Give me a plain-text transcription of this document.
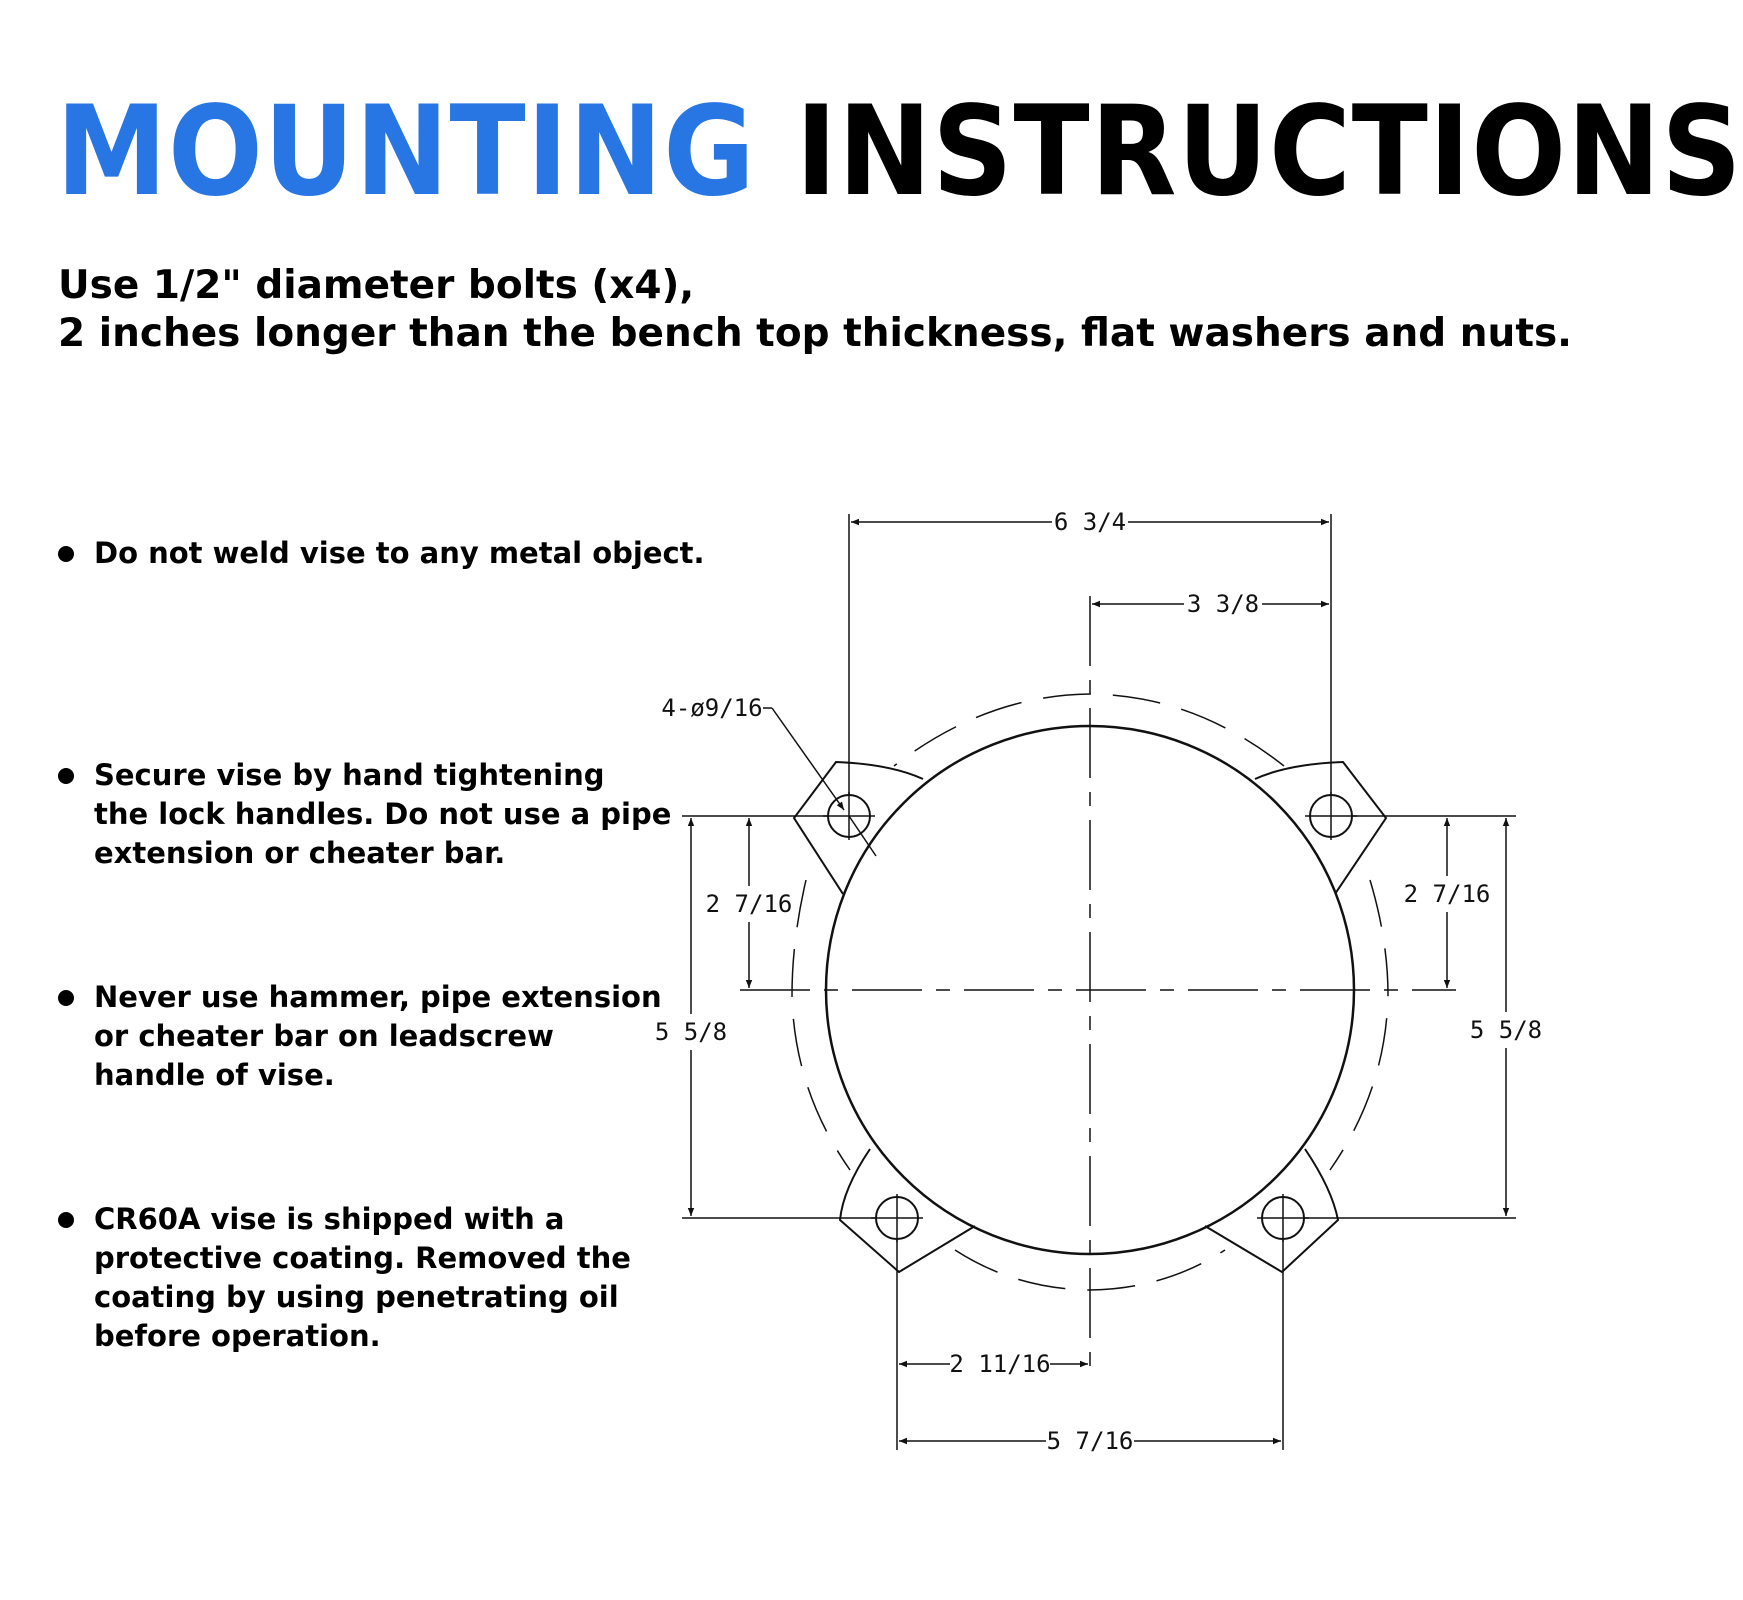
MOUNTING INSTRUCTIONS

Use 1/2" diameter bolts (x4),
2 inches longer than the bench top thickness, flat washers and nuts.

Do not weld vise to any metal object.
Secure vise by hand tightening
the lock handles. Do not use a pipe
extension or cheater bar.
Never use hammer, pipe extension
or cheater bar on leadscrew
handle of vise.
CR60A vise is shipped with a
protective coating. Removed the
coating by using penetrating oil
before operation.
6 3/4
3 3/8
4-ø9/16
2 7/16	2 7/16
5 5/8	5 5/8
2 11/16
5 7/16
